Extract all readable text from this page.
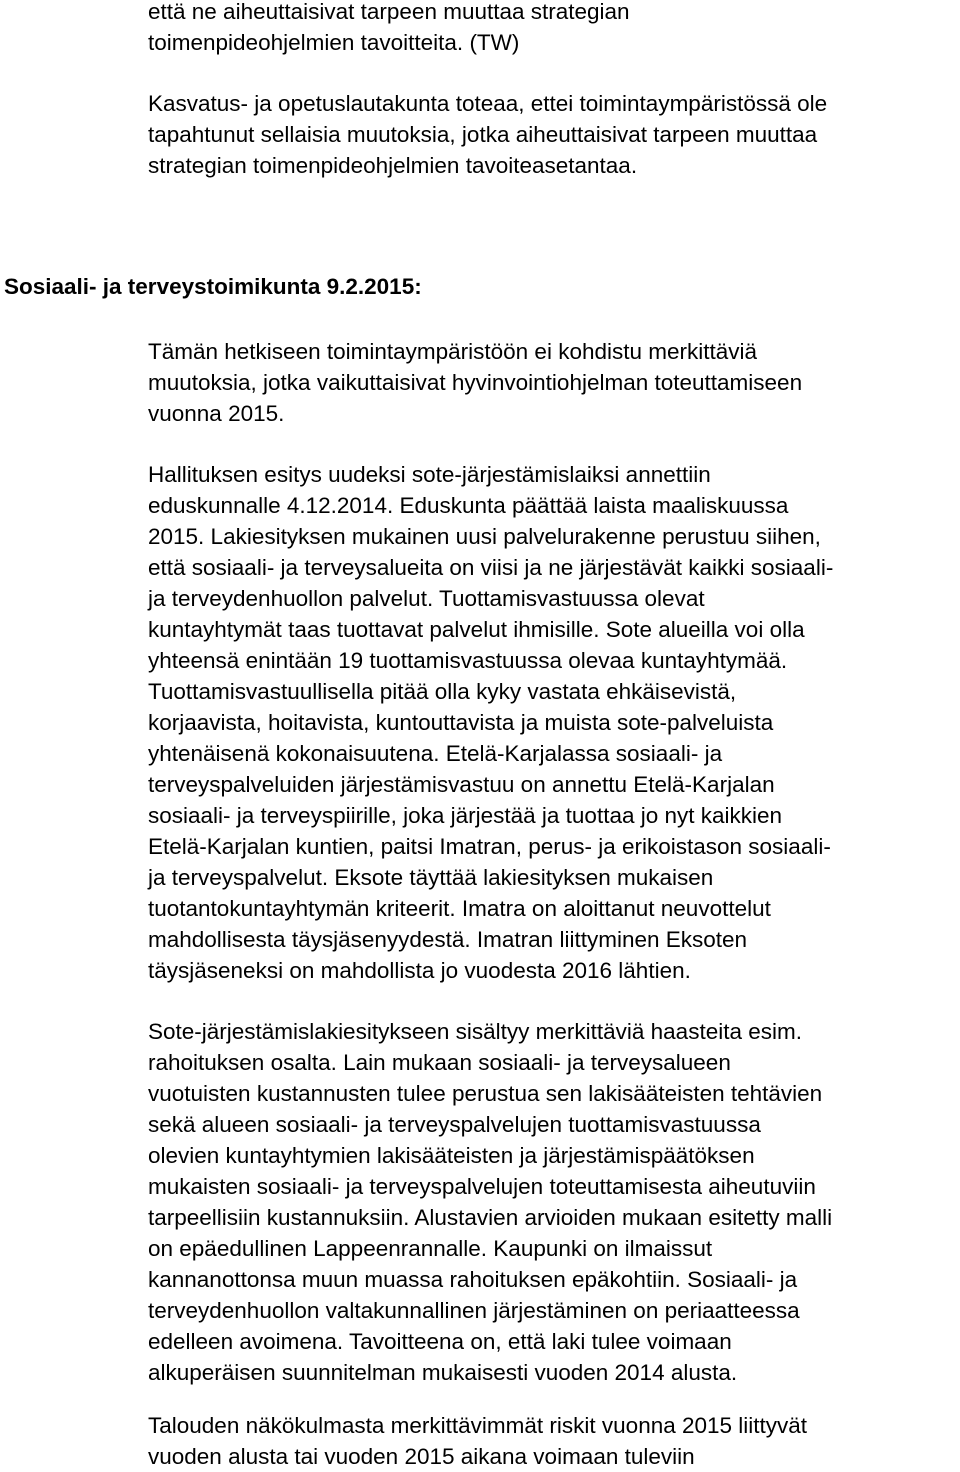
että ne aiheuttaisivat tarpeen muuttaa strategian

toimenpideohjelmien tavoitteita. (TW)

Kasvatus- ja opetuslautakunta toteaa, ettei toimintaympäristössä ole

tapahtunut sellaisia muutoksia, jotka aiheuttaisivat tarpeen muuttaa

strategian toimenpideohjelmien tavoiteasetantaa.

Sosiaali- ja terveystoimikunta 9.2.2015:

Tämän hetkiseen toimintaympäristöön ei kohdistu merkittäviä

muutoksia, jotka vaikuttaisivat hyvinvointiohjelman toteuttamiseen

vuonna 2015.

Hallituksen esitys uudeksi sote-järjestämislaiksi annettiin

eduskunnalle 4.12.2014. Eduskunta päättää laista maaliskuussa

2015. Lakiesityksen mukainen uusi palvelurakenne perustuu siihen,

että sosiaali- ja terveysalueita on viisi ja ne järjestävät kaikki sosiaali-

ja terveydenhuollon palvelut. Tuottamisvastuussa olevat

kuntayhtymät taas tuottavat palvelut ihmisille. Sote alueilla voi olla

yhteensä enintään 19 tuottamisvastuussa olevaa kuntayhtymää.

Tuottamisvastuullisella pitää olla kyky vastata ehkäisevistä,

korjaavista, hoitavista, kuntouttavista ja muista sote-palveluista

yhtenäisenä kokonaisuutena. Etelä-Karjalassa sosiaali- ja

terveyspalveluiden järjestämisvastuu on annettu Etelä-Karjalan

sosiaali- ja terveyspiirille, joka järjestää ja tuottaa jo nyt kaikkien

Etelä-Karjalan kuntien, paitsi Imatran, perus- ja erikoistason sosiaali-

ja terveyspalvelut. Eksote täyttää lakiesityksen mukaisen

tuotantokuntayhtymän kriteerit. Imatra on aloittanut neuvottelut

mahdollisesta täysjäsenyydestä. Imatran liittyminen Eksoten

täysjäseneksi on mahdollista jo vuodesta 2016 lähtien.

Sote-järjestämislakiesitykseen sisältyy merkittäviä haasteita esim.

rahoituksen osalta. Lain mukaan sosiaali- ja terveysalueen

vuotuisten kustannusten tulee perustua sen lakisääteisten tehtävien

sekä alueen sosiaali- ja terveyspalvelujen tuottamisvastuussa

olevien kuntayhtymien lakisääteisten ja järjestämispäätöksen

mukaisten sosiaali- ja terveyspalvelujen toteuttamisesta aiheutuviin

tarpeellisiin kustannuksiin. Alustavien arvioiden mukaan esitetty malli

on epäedullinen Lappeenrannalle. Kaupunki on ilmaissut

kannanottonsa muun muassa rahoituksen epäkohtiin. Sosiaali- ja

terveydenhuollon valtakunnallinen järjestäminen on periaatteessa

edelleen avoimena. Tavoitteena on, että laki tulee voimaan

alkuperäisen suunnitelman mukaisesti vuoden 2014 alusta.

Talouden näkökulmasta merkittävimmät riskit vuonna 2015 liittyvät

vuoden alusta tai vuoden 2015 aikana voimaan tuleviin
